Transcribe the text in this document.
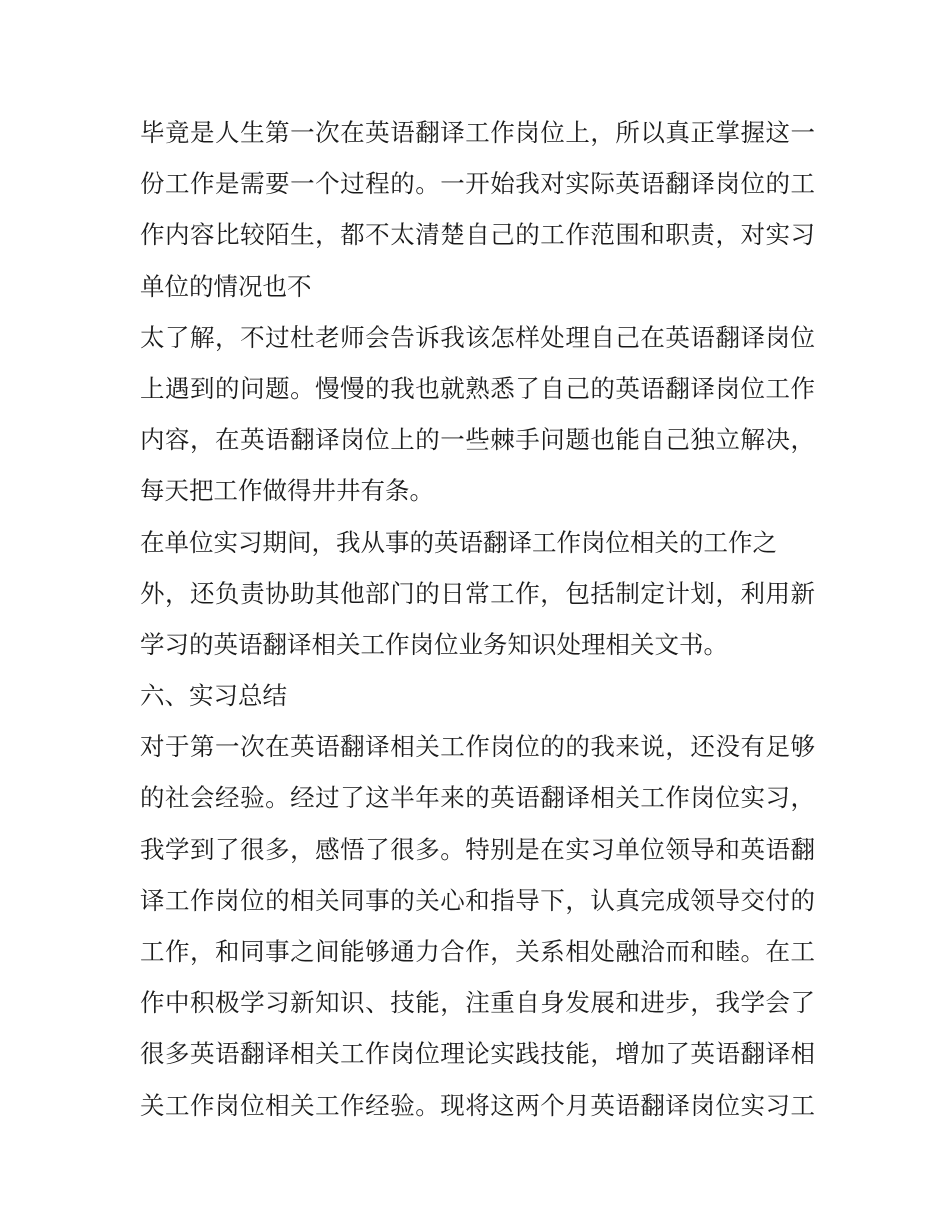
毕竟是人生第一次在英语翻译工作岗位上，所以真正掌握这一
份工作是需要一个过程的。一开始我对实际英语翻译岗位的工
作内容比较陌生，都不太清楚自己的工作范围和职责，对实习
单位的情况也不
太了解，不过杜老师会告诉我该怎样处理自己在英语翻译岗位
上遇到的问题。慢慢的我也就熟悉了自己的英语翻译岗位工作
内容，在英语翻译岗位上的一些棘手问题也能自己独立解决，
每天把工作做得井井有条。
在单位实习期间，我从事的英语翻译工作岗位相关的工作之
外，还负责协助其他部门的日常工作，包括制定计划，利用新
学习的英语翻译相关工作岗位业务知识处理相关文书。
六、实习总结
对于第一次在英语翻译相关工作岗位的的我来说，还没有足够
的社会经验。经过了这半年来的英语翻译相关工作岗位实习，
我学到了很多，感悟了很多。特别是在实习单位领导和英语翻
译工作岗位的相关同事的关心和指导下，认真完成领导交付的
工作，和同事之间能够通力合作，关系相处融洽而和睦。在工
作中积极学习新知识、技能，注重自身发展和进步，我学会了
很多英语翻译相关工作岗位理论实践技能，增加了英语翻译相
关工作岗位相关工作经验。现将这两个月英语翻译岗位实习工
